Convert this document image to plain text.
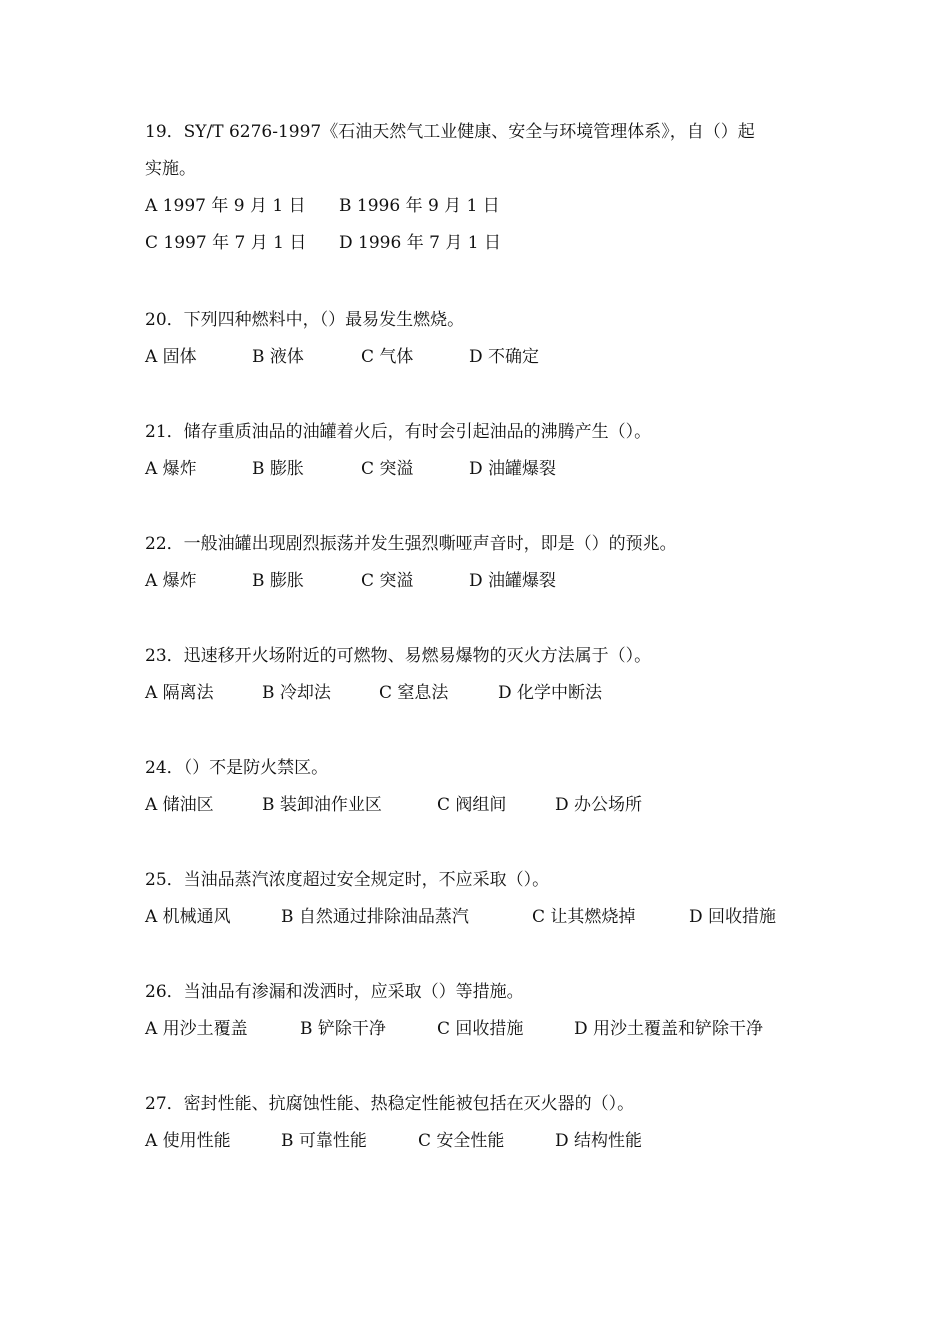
19．SY/T 6276-1997《石油天然气工业健康、安全与环境管理体系》，自（）起
实施。
A 1997 年 9 月 1 日 B 1996 年 9 月 1 日
C 1997 年 7 月 1 日 D 1996 年 7 月 1 日
20．下列四种燃料中，（）最易发生燃烧。
A 固体	B 液体	C 气体	D 不确定
21．储存重质油品的油罐着火后，有时会引起油品的沸腾产生（）。
A 爆炸	B 膨胀	C 突溢	D 油罐爆裂
22．一般油罐出现剧烈振荡并发生强烈嘶哑声音时，即是（）的预兆。
A 爆炸	B 膨胀	C 突溢	D 油罐爆裂
23．迅速移开火场附近的可燃物、易燃易爆物的灭火方法属于（）。
A 隔离法	B 冷却法	C 窒息法	D 化学中断法
24．（）不是防火禁区。
A 储油区	B 装卸油作业区	C 阀组间	D 办公场所
25．当油品蒸汽浓度超过安全规定时，不应采取（）。
A 机械通风	B 自然通过排除油品蒸汽	C 让其燃烧掉	D 回收措施
26．当油品有渗漏和泼洒时，应采取（）等措施。
A 用沙土覆盖	B 铲除干净	C 回收措施	D 用沙土覆盖和铲除干净
27．密封性能、抗腐蚀性能、热稳定性能被包括在灭火器的（）。
A 使用性能	B 可靠性能	C 安全性能	D 结构性能
